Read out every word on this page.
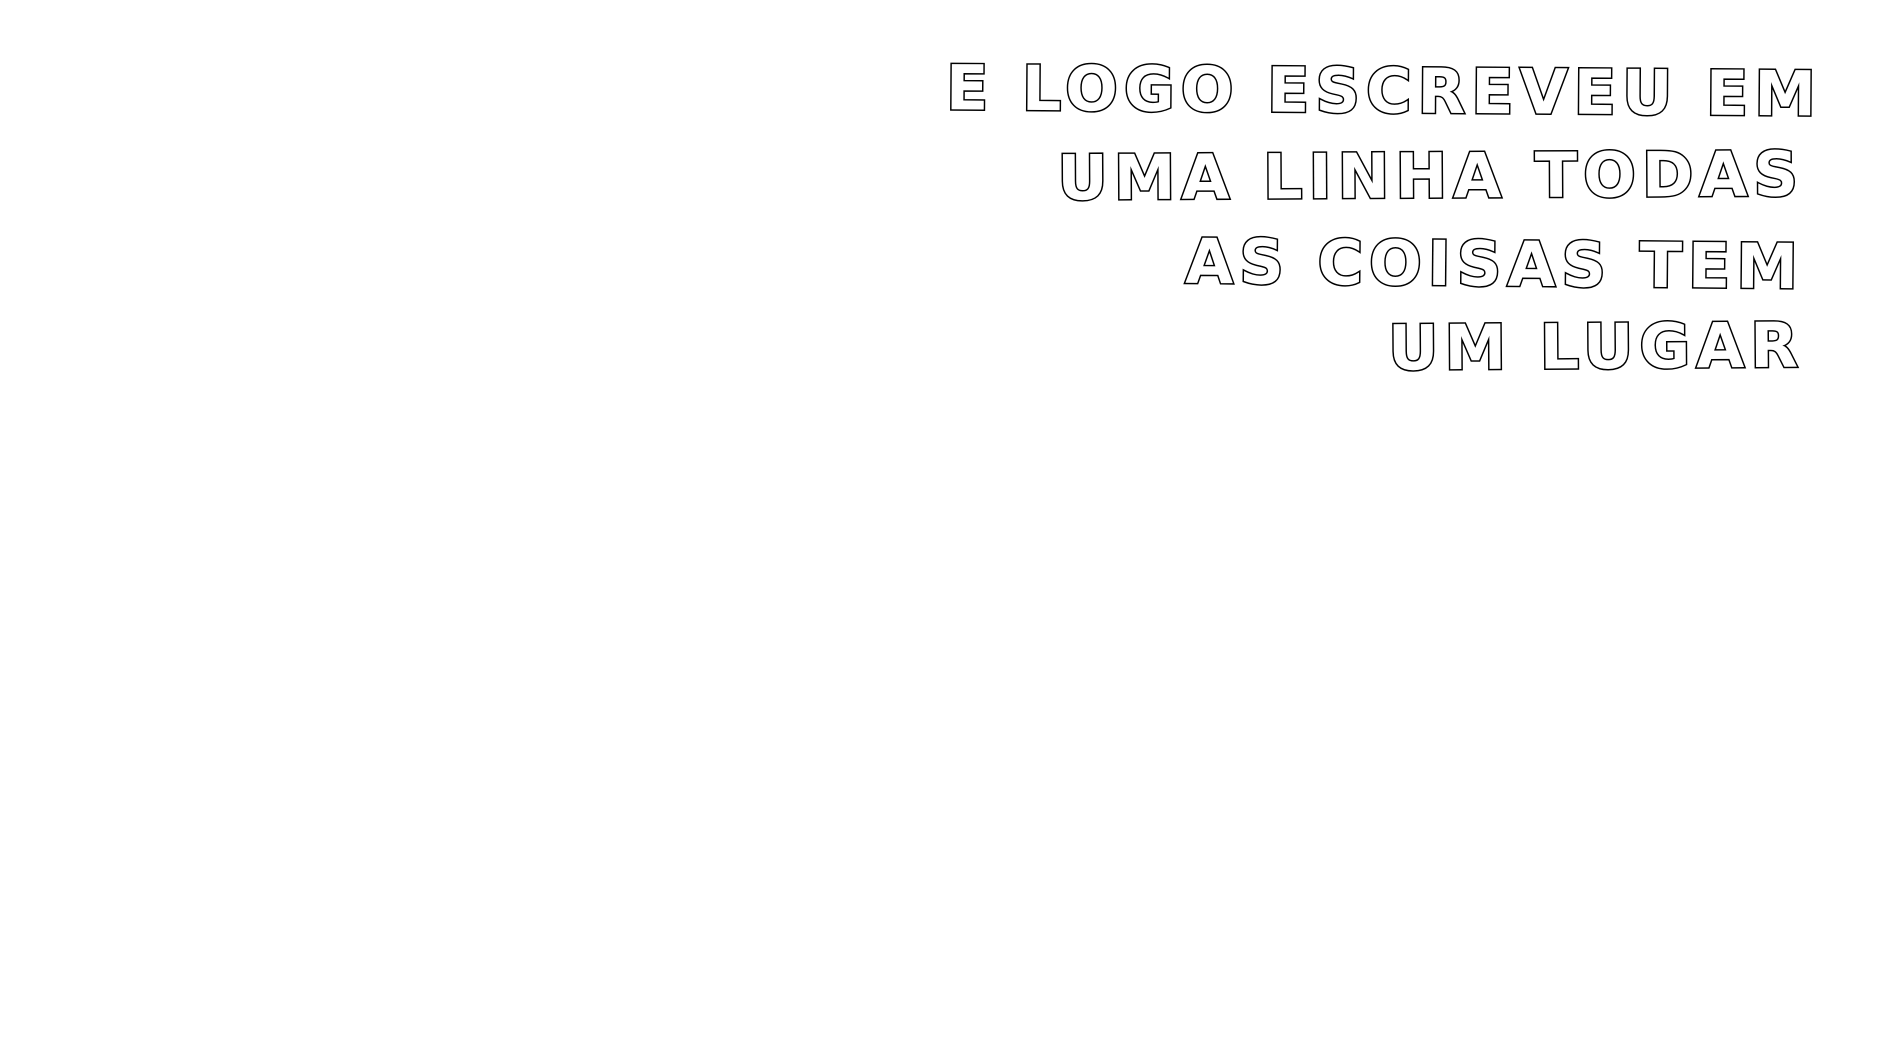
E LOGO ESCREVEU EM
UMA LINHA TODAS
AS COISAS TEM
UM LUGAR
